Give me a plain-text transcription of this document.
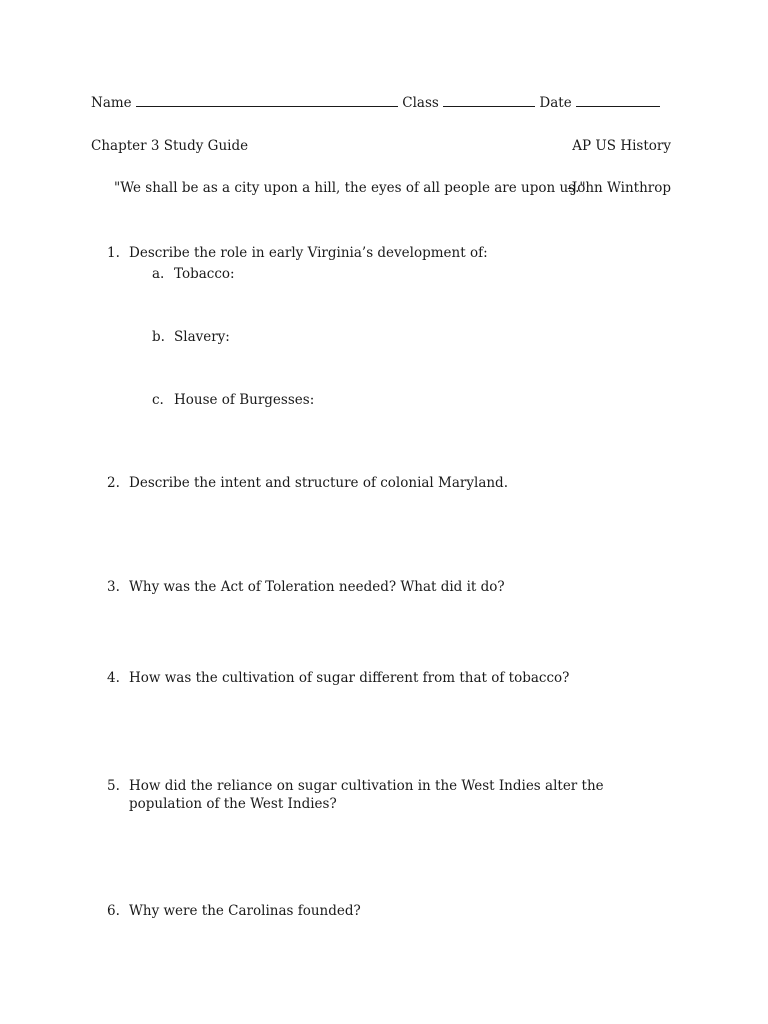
Name	Class	Date
Chapter 3 Study Guide	AP US History
"We shall be as a city upon a hill, the eyes of all people are upon us."
-John Winthrop
1. Describe the role in early Virginia’s development of:
a. Tobacco:
b. Slavery:
c. House of Burgesses:
2. Describe the intent and structure of colonial Maryland.
3. Why was the Act of Toleration needed? What did it do?
4. How was the cultivation of sugar different from that of tobacco?
5. How did the reliance on sugar cultivation in the West Indies alter the population of the West Indies?
6. Why were the Carolinas founded?
